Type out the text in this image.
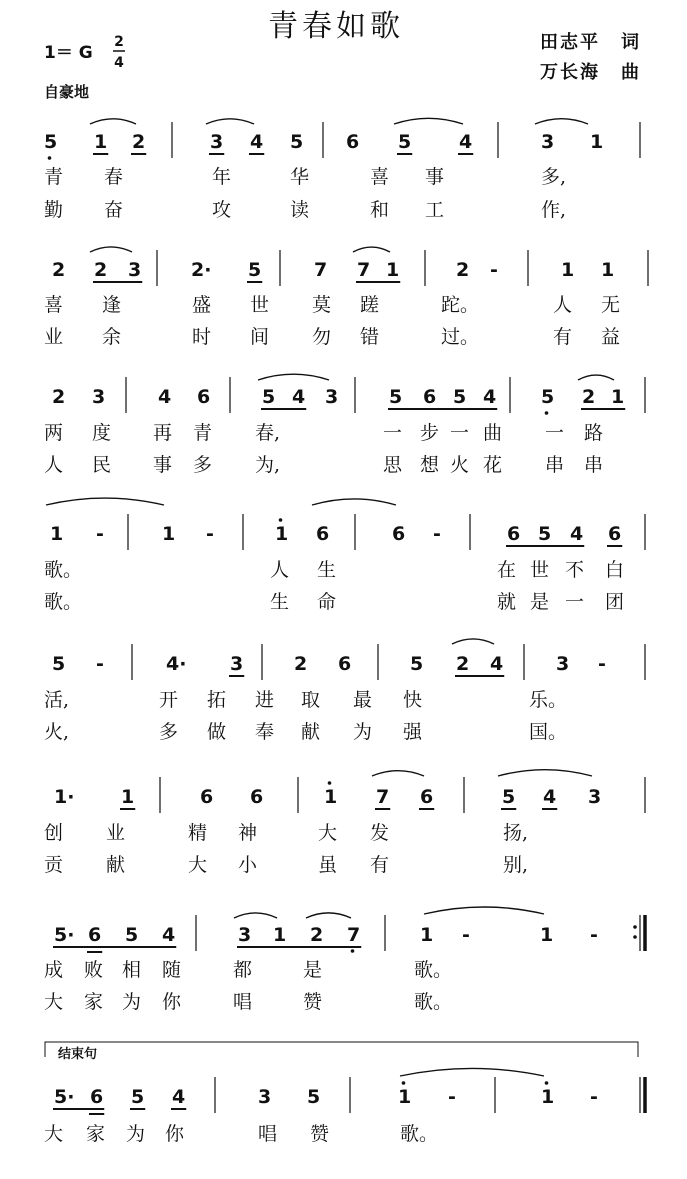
青春如歌
1＝ G
2
4
自豪地
田志平 词
万长海 曲
结束句
5 1 2	3 4 5 6 5	4	3 1
青 春	年	华	喜 事	多,
勤 奋	攻	读	和 工	作,
2 2 3	2· 5	7 7 1	2 -	1 1
喜 逢	盛 世 莫 蹉	跎。	人 无
业 余	时 间 勿 错	过。	有 益
2 3	4 6	5 4 3	5 6 5 4 5 2 1
两 度 再 青 春,	一 步 一 曲 一 路
人 民 事 多 为,	思 想 火 花 串 串
1 -	1 -	1 6	6 -	6 5 4 6
歌。	人 生	在 世 不 白
歌。	生 命	就 是 一 团
5 -	4· 3	2 6	5 2 4	3 -
活,	开 拓 进 取 最 快	乐。
火,	多 做 奉 献 为 强	国。
1· 1	6 6	1 7 6	5 4 3
创 业	精 神	大 发	扬,
贡 献	大 小	虽 有	别,
5· 6 5 4	3 1 2 7	1 -	1 -
成 败 相 随	都	是	歌。
大 家 为 你	唱	赞	歌。
5· 6 5 4	3 5	1 -	1 -
大 家 为 你	唱 赞	歌。
